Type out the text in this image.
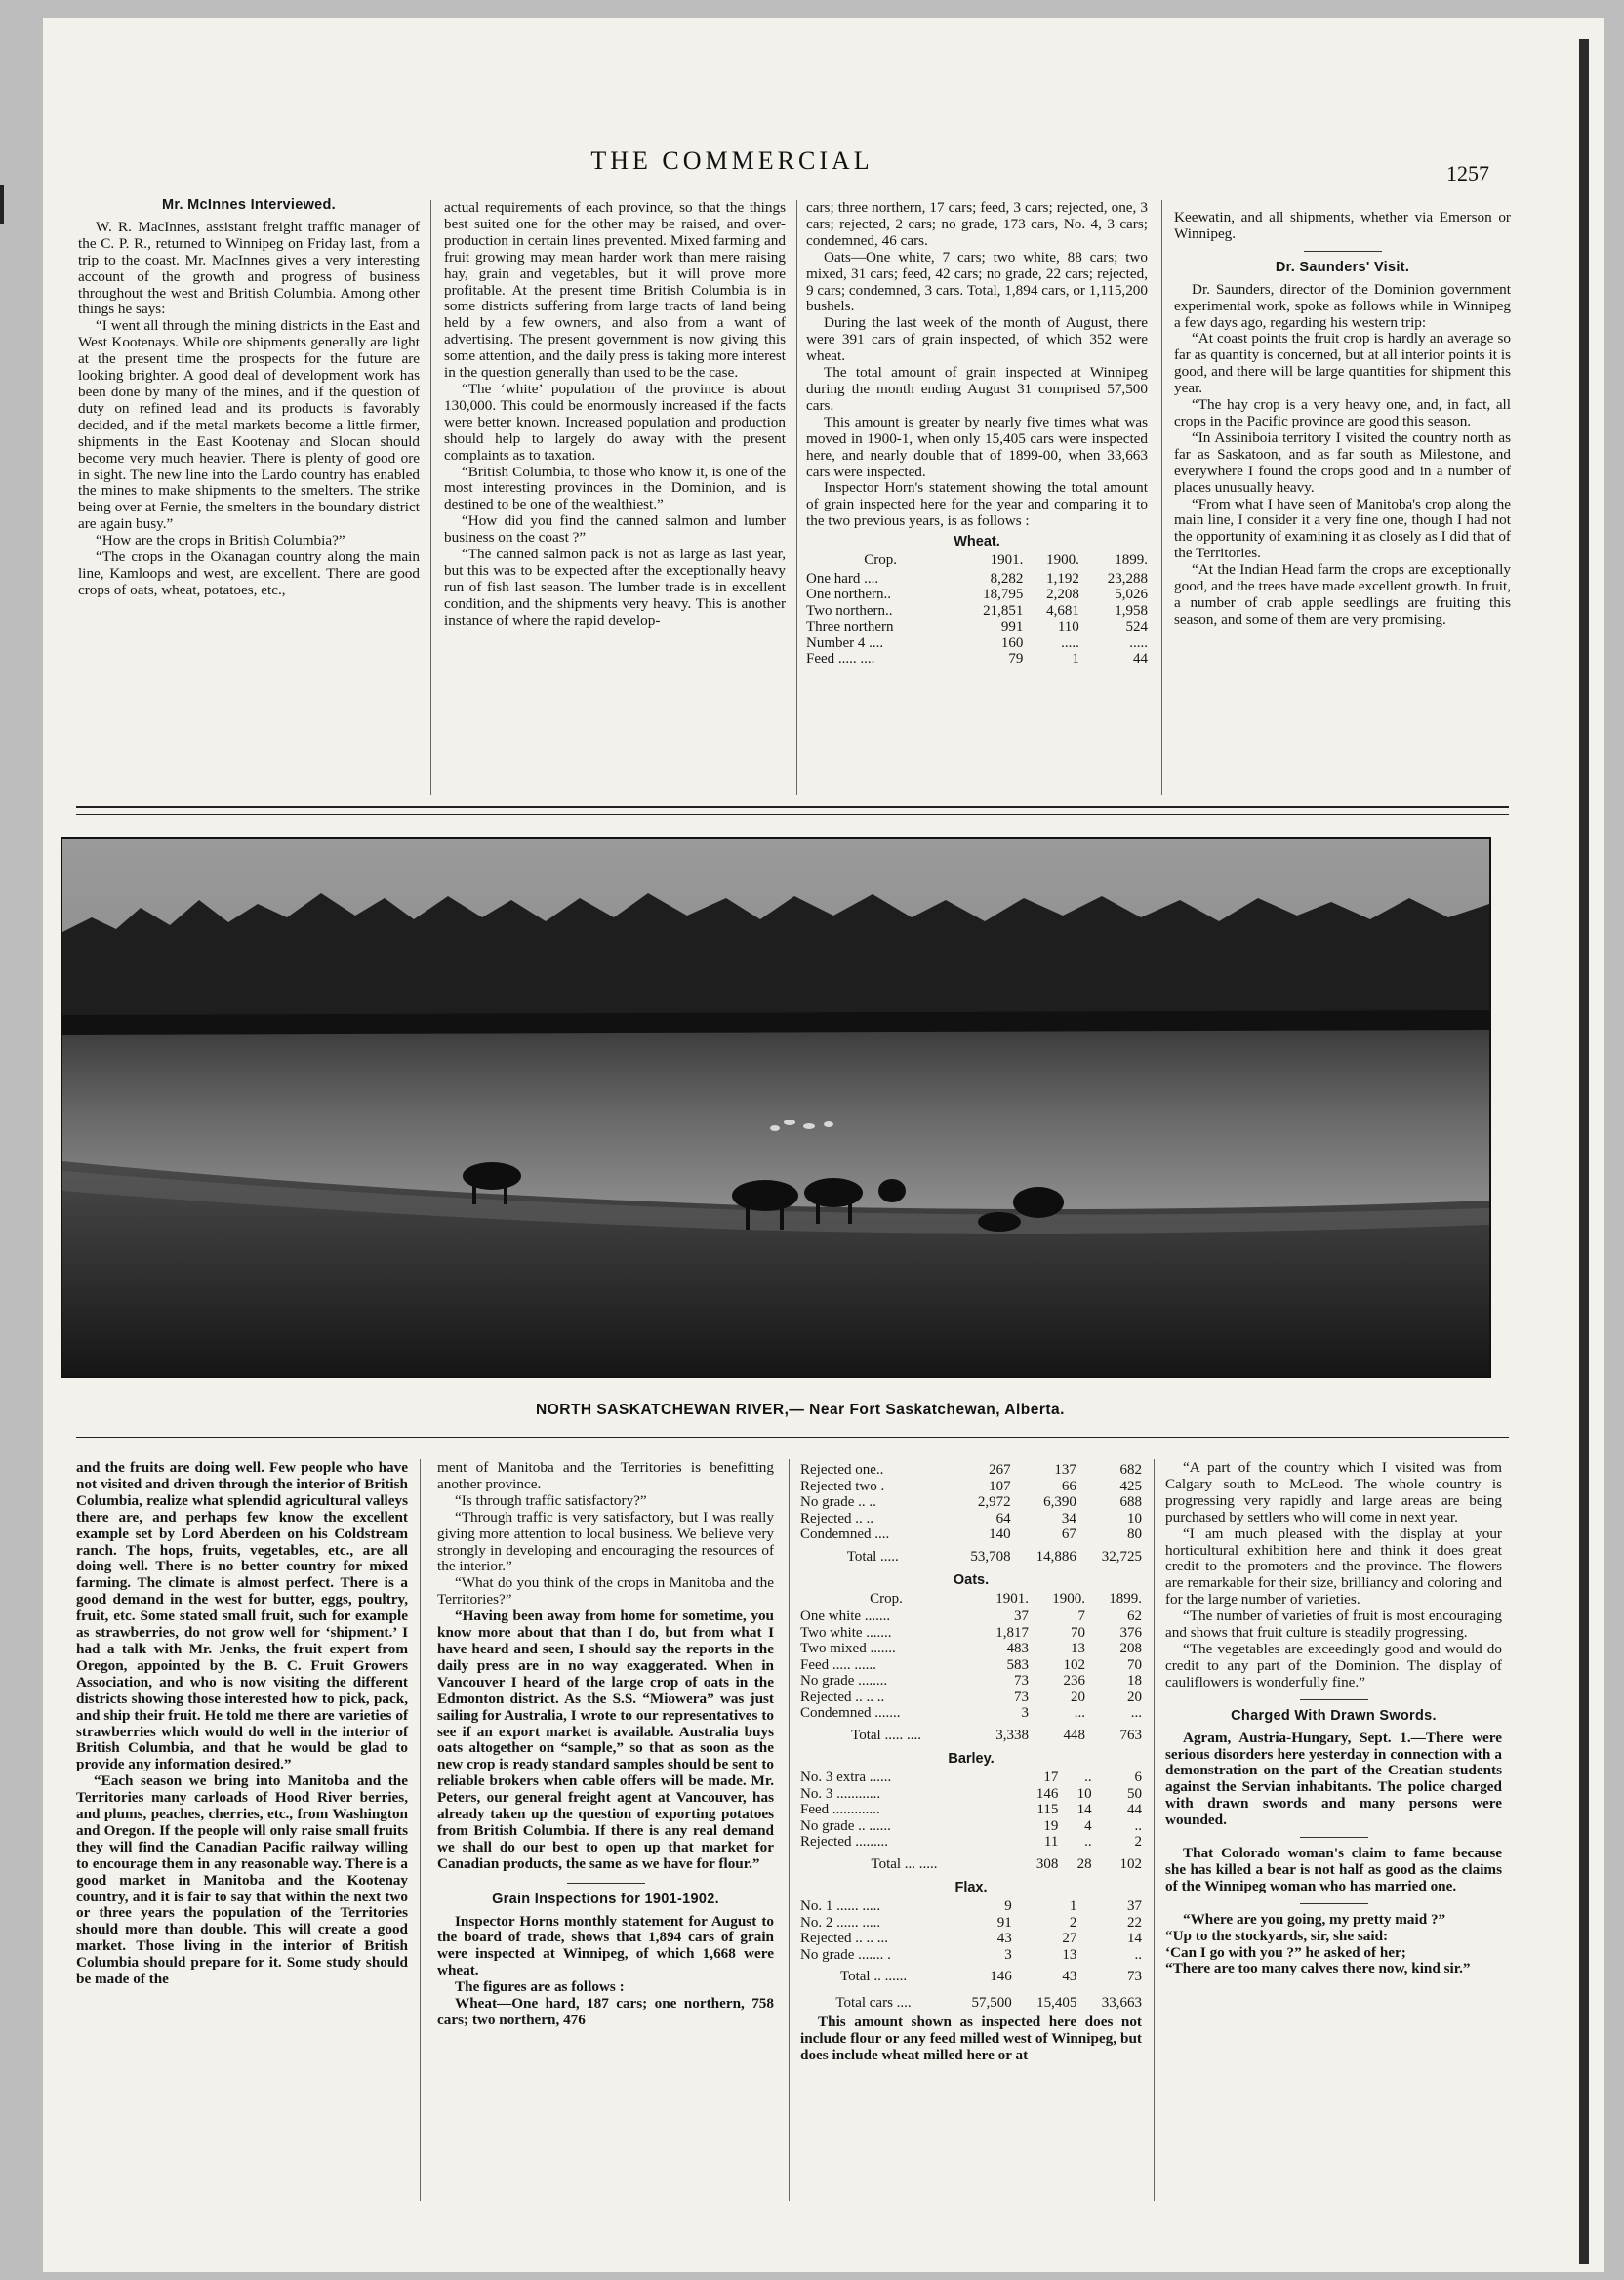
THE COMMERCIAL	1257
Mr. McInnes Interviewed.

W. R. MacInnes, assistant freight traffic manager of the C. P. R., returned to Winnipeg on Friday last, from a trip to the coast. Mr. MacInnes gives a very interesting account of the growth and progress of business throughout the west and British Columbia. Among other things he says:

“I went all through the mining districts in the East and West Kootenays. While ore shipments generally are light at the present time the prospects for the future are looking brighter. A good deal of development work has been done by many of the mines, and if the question of duty on refined lead and its products is favorably decided, and if the metal markets become a little firmer, shipments in the East Kootenay and Slocan should become very much heavier. There is plenty of good ore in sight. The new line into the Lardo country has enabled the mines to make shipments to the smelters. The strike being over at Fernie, the smelters in the boundary district are again busy.”

“How are the crops in British Columbia?”

“The crops in the Okanagan country along the main line, Kamloops and west, are excellent. There are good crops of oats, wheat, potatoes, etc.,

actual requirements of each province, so that the things best suited one for the other may be raised, and over-production in certain lines prevented. Mixed farming and fruit growing may mean harder work than mere raising hay, grain and vegetables, but it will prove more profitable. At the present time British Columbia is in some districts suffering from large tracts of land being held by a few owners, and also from a want of advertising. The present government is now giving this some attention, and the daily press is taking more interest in the question generally than used to be the case.

“The ‘white’ population of the province is about 130,000. This could be enormously increased if the facts were better known. Increased population and production should help to largely do away with the present complaints as to taxation.

“British Columbia, to those who know it, is one of the most interesting provinces in the Dominion, and is destined to be one of the wealthiest.”

“How did you find the canned salmon and lumber business on the coast ?”

“The canned salmon pack is not as large as last year, but this was to be expected after the exceptionally heavy run of fish last season. The lumber trade is in excellent condition, and the shipments very heavy. This is another instance of where the rapid develop-

cars; three northern, 17 cars; feed, 3 cars; rejected, one, 3 cars; rejected, 2 cars; no grade, 173 cars, No. 4, 3 cars; condemned, 46 cars.

Oats—One white, 7 cars; two white, 88 cars; two mixed, 31 cars; feed, 42 cars; no grade, 22 cars; rejected, 9 cars; condemned, 3 cars. Total, 1,894 cars, or 1,115,200 bushels.

During the last week of the month of August, there were 391 cars of grain inspected, of which 352 were wheat.

The total amount of grain inspected at Winnipeg during the month ending August 31 comprised 57,500 cars.

This amount is greater by nearly five times what was moved in 1900-1, when only 15,405 cars were inspected here, and nearly double that of 1899-00, when 33,663 cars were inspected.

Inspector Horn's statement showing the total amount of grain inspected here for the year and comparing it to the two previous years, is as follows :

Wheat.
Crop.	1901.	1900.	1899.
One hard ....	8,282	1,192	23,288
One northern..	18,795	2,208	5,026
Two northern..	21,851	4,681	1,958
Three northern	991	110	524
Number 4 ....	160	.....	.....
Feed ..... ....	79	1	44

Keewatin, and all shipments, whether via Emerson or Winnipeg.

Dr. Saunders' Visit.

Dr. Saunders, director of the Dominion government experimental work, spoke as follows while in Winnipeg a few days ago, regarding his western trip:

“At coast points the fruit crop is hardly an average so far as quantity is concerned, but at all interior points it is good, and there will be large quantities for shipment this year.

“The hay crop is a very heavy one, and, in fact, all crops in the Pacific province are good this season.

“In Assiniboia territory I visited the country north as far as Saskatoon, and as far south as Milestone, and everywhere I found the crops good and in a number of places unusually heavy.

“From what I have seen of Manitoba's crop along the main line, I consider it a very fine one, though I had not the opportunity of examining it as closely as I did that of the Territories.

“At the Indian Head farm the crops are exceptionally good, and the trees have made excellent growth. In fruit, a number of crab apple seedlings are fruiting this season, and some of them are very promising.

NORTH SASKATCHEWAN RIVER,— Near Fort Saskatchewan, Alberta.

and the fruits are doing well. Few people who have not visited and driven through the interior of British Columbia, realize what splendid agricultural valleys there are, and perhaps few know the excellent example set by Lord Aberdeen on his Coldstream ranch. The hops, fruits, vegetables, etc., are all doing well. There is no better country for mixed farming. The climate is almost perfect. There is a good demand in the west for butter, eggs, poultry, fruit, etc. Some stated small fruit, such for example as strawberries, do not grow well for ‘shipment.’ I had a talk with Mr. Jenks, the fruit expert from Oregon, appointed by the B. C. Fruit Growers Association, and who is now visiting the different districts showing those interested how to pick, pack, and ship their fruit. He told me there are varieties of strawberries which would do well in the interior of British Columbia, and that he would be glad to provide any information desired.”

“Each season we bring into Manitoba and the Territories many carloads of Hood River berries, and plums, peaches, cherries, etc., from Washington and Oregon. If the people will only raise small fruits they will find the Canadian Pacific railway willing to encourage them in any reasonable way. There is a good market in Manitoba and the Kootenay country, and it is fair to say that within the next two or three years the population of the Territories should more than double. This will create a good market. Those living in the interior of British Columbia should prepare for it. Some study should be made of the

ment of Manitoba and the Territories is benefitting another province.

“Is through traffic satisfactory?”

“Through traffic is very satisfactory, but I was really giving more attention to local business. We believe very strongly in developing and encouraging the resources of the interior.”

“What do you think of the crops in Manitoba and the Territories?”

“Having been away from home for sometime, you know more about that than I do, but from what I have heard and seen, I should say the reports in the daily press are in no way exaggerated. When in Vancouver I heard of the large crop of oats in the Edmonton district. As the S.S. “Miowera” was just sailing for Australia, I wrote to our representatives to see if an export market is available. Australia buys oats altogether on “sample,” so that as soon as the new crop is ready standard samples should be sent to reliable brokers when cable offers will be made. Mr. Peters, our general freight agent at Vancouver, has already taken up the question of exporting potatoes from British Columbia. If there is any real demand we shall do our best to open up that market for Canadian products, the same as we have for flour.”

Grain Inspections for 1901-1902.

Inspector Horns monthly statement for August to the board of trade, shows that 1,894 cars of grain were inspected at Winnipeg, of which 1,668 were wheat.

The figures are as follows :

Wheat—One hard, 187 cars; one northern, 758 cars; two northern, 476

Rejected one..	267	137	682
Rejected two .	107	66	425
No grade .. ..	2,972	6,390	688
Rejected .. ..	64	34	10
Condemned ....	140	67	80
Total .....	53,708	14,886	32,725
Oats.
Crop.	1901.	1900.	1899.
One white .......	37	7	62
Two white .......	1,817	70	376
Two mixed .......	483	13	208
Feed ..... ......	583	102	70
No grade ........	73	236	18
Rejected .. .. ..	73	20	20
Condemned .......	3	...	...
Total ..... ....	3,338	448	763
Barley.
No. 3 extra ......	17	..	6
No. 3 ............	146	10	50
Feed .............	115	14	44
No grade .. ......	19	4	..
Rejected .........	11	..	2
Total ... .....	308	28	102
Flax.
No. 1 ...... .....	9	1	37
No. 2 ...... .....	91	2	22
Rejected .. .. ...	43	27	14
No grade ....... .	3	13	..
Total .. ......	146	43	73
Total cars ....	57,500	15,405	33,663

This amount shown as inspected here does not include flour or any feed milled west of Winnipeg, but does include wheat milled here or at

“A part of the country which I visited was from Calgary south to McLeod. The whole country is progressing very rapidly and large areas are being purchased by settlers who will come in next year.

“I am much pleased with the display at your horticultural exhibition here and think it does great credit to the promoters and the province. The flowers are remarkable for their size, brilliancy and coloring and for the large number of varieties.

“The number of varieties of fruit is most encouraging and shows that fruit culture is steadily progressing.

“The vegetables are exceedingly good and would do credit to any part of the Dominion. The display of cauliflowers is wonderfully fine.”

Charged With Drawn Swords.

Agram, Austria-Hungary, Sept. 1.—There were serious disorders here yesterday in connection with a demonstration on the part of the Creatian students against the Servian inhabitants. The police charged with drawn swords and many persons were wounded.

That Colorado woman's claim to fame because she has killed a bear is not half as good as the claims of the Winnipeg woman who has married one.

“Where are you going, my pretty maid ?”

“Up to the stockyards, sir, she said:

‘Can I go with you ?” he asked of her;

“There are too many calves there now, kind sir.”
